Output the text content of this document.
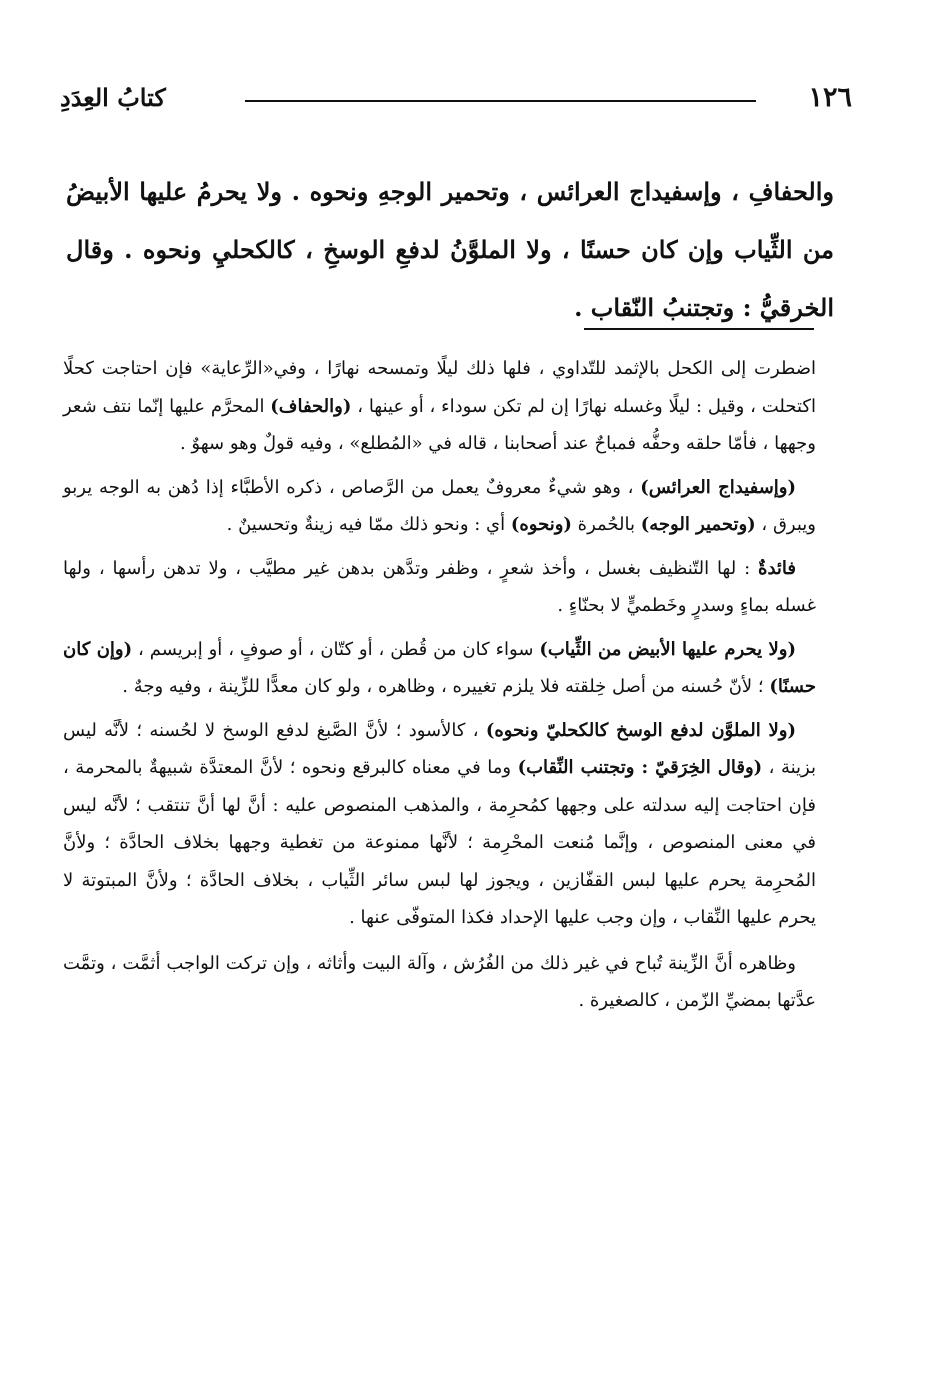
١٢٦
كتابُ العِدَدِ

والحفافِ ، وإسفيداج العرائس ، وتحمير الوجهِ ونحوه . ولا يحرمُ عليها الأبيضُ من الثِّياب وإن كان حسنًا ، ولا الملوَّنُ لدفعِ الوسخِ ، كالكحليِ ونحوه . وقال الخرقيُّ : وتجتنبُ النّقاب .

اضطرت إلى الكحل بالإثمد للتّداوي ، فلها ذلك ليلًا وتمسحه نهارًا ، وفي«الرِّعاية» فإن احتاجت كحلًا اكتحلت ، وقيل : ليلًا وغسله نهارًا إن لم تكن سوداء ، أو عينها ، (والحفاف) المحرَّم عليها إنّما نتف شعر وجهها ، فأمّا حلقه وحفُّه فمباحٌ عند أصحابنا ، قاله في «المُطلع» ، وفيه قولٌ وهو سهوٌ .

(وإسفيداج العرائس) ، وهو شيءٌ معروفٌ يعمل من الرَّصاص ، ذكره الأطبَّاء إذا دُهن به الوجه يربو ويبرق ، (وتحمير الوجه) بالحُمرة (ونحوه) أي : ونحو ذلك ممّا فيه زينةٌ وتحسينٌ .

فائدةٌ : لها التّنظيف بغسل ، وأخذ شعرٍ ، وظفر وتدَّهن بدهن غير مطيَّب ، ولا تدهن رأسها ، ولها غسله بماءٍ وسدرٍ وخَطميٍّ لا بحنّاءٍ .

(ولا يحرم عليها الأبيض من الثِّياب) سواء كان من قُطن ، أو كتّان ، أو صوفٍ ، أو إبريسم ، (وإن كان حسنًا) ؛ لأنّ حُسنه من أصل خِلقته فلا يلزم تغييره ، وظاهره ، ولو كان معدًّا للزِّينة ، وفيه وجهٌ .

(ولا الملوَّن لدفع الوسخ كالكحليّ ونحوه) ، كالأسود ؛ لأنَّ الصَّبغ لدفع الوسخ لا لحُسنه ؛ لأنَّه ليس بزينة ، (وقال الخِرَقيّ : وتجتنب النِّقاب) وما في معناه كالبرقع ونحوه ؛ لأنَّ المعتدَّة شبيهةٌ بالمحرمة ، فإن احتاجت إليه سدلته على وجهها كمُحرِمة ، والمذهب المنصوص عليه : أنَّ لها أنَّ تنتقب ؛ لأنَّه ليس في معنى المنصوص ، وإنَّما مُنعت المحْرِمة ؛ لأنَّها ممنوعة من تغطية وجهها بخلاف الحادَّة ؛ ولأنَّ المُحرِمة يحرم عليها لبس القفّازين ، ويجوز لها لبس سائر الثِّياب ، بخلاف الحادَّة ؛ ولأنَّ المبتوتة لا يحرم عليها النِّقاب ، وإن وجب عليها الإحداد فكذا المتوفّى عنها .

وظاهره أنَّ الزِّينة تُباح في غير ذلك من الفُرُش ، وآلة البيت وأثاثه ، وإن تركت الواجب أثمَّت ، وتمَّت عدَّتها بمضيِّ الزّمن ، كالصغيرة .
